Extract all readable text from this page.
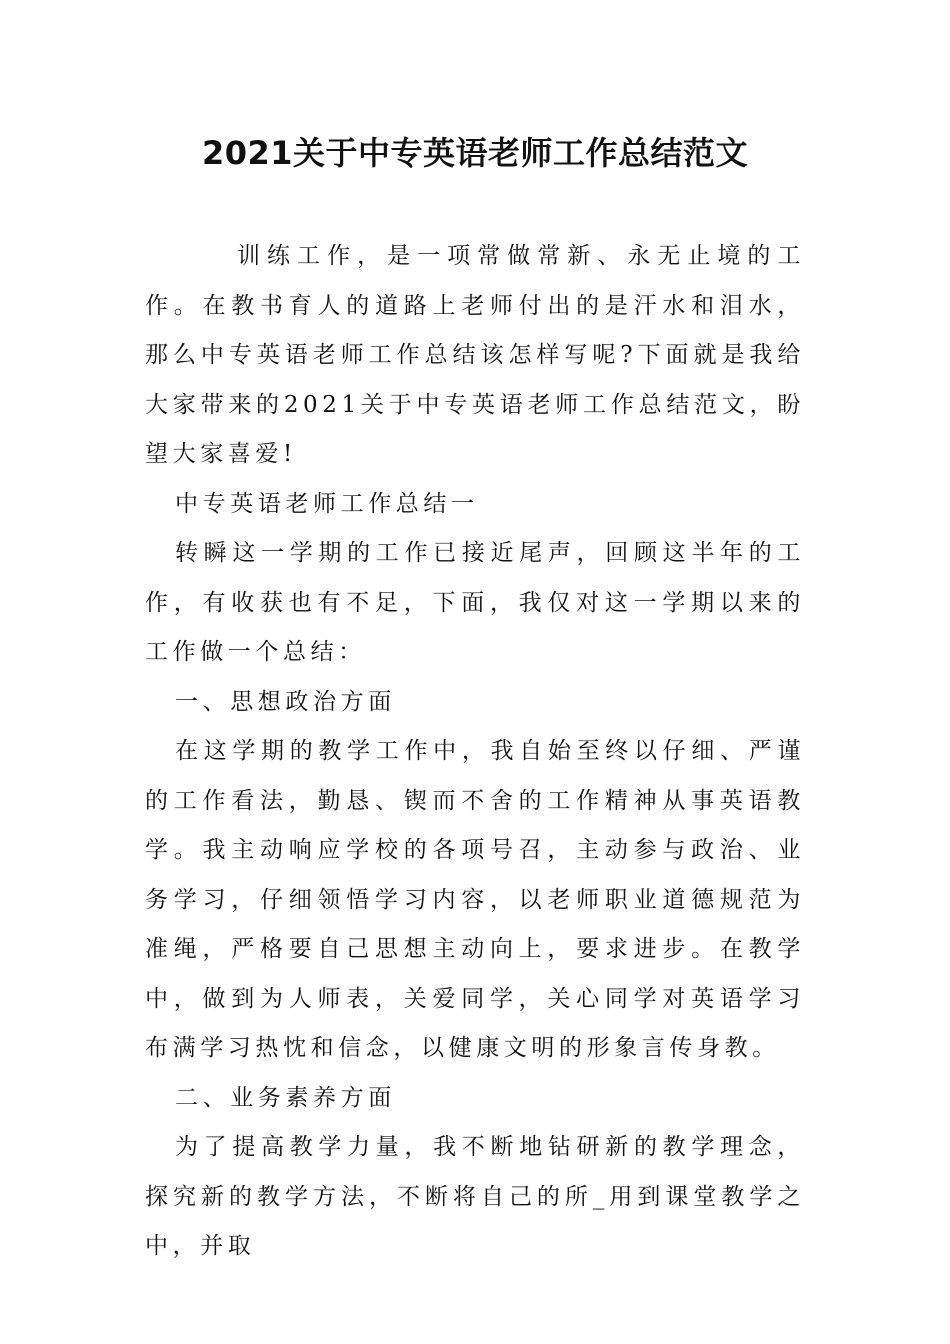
2021关于中专英语老师工作总结范文

训练工作，是一项常做常新、永无止境的工作。在教书育人的道路上老师付出的是汗水和泪水，那么中专英语老师工作总结该怎样写呢?下面就是我给大家带来的2021关于中专英语老师工作总结范文，盼望大家喜爱!

中专英语老师工作总结一

转瞬这一学期的工作已接近尾声，回顾这半年的工作，有收获也有不足，下面，我仅对这一学期以来的工作做一个总结：

一、思想政治方面

在这学期的教学工作中，我自始至终以仔细、严谨的工作看法，勤恳、锲而不舍的工作精神从事英语教学。我主动响应学校的各项号召，主动参与政治、业务学习，仔细领悟学习内容，以老师职业道德规范为准绳，严格要自己思想主动向上，要求进步。在教学中，做到为人师表，关爱同学，关心同学对英语学习布满学习热忱和信念，以健康文明的形象言传身教。

二、业务素养方面

为了提高教学力量，我不断地钻研新的教学理念，探究新的教学方法，不断将自己的所_用到课堂教学之中，并取
